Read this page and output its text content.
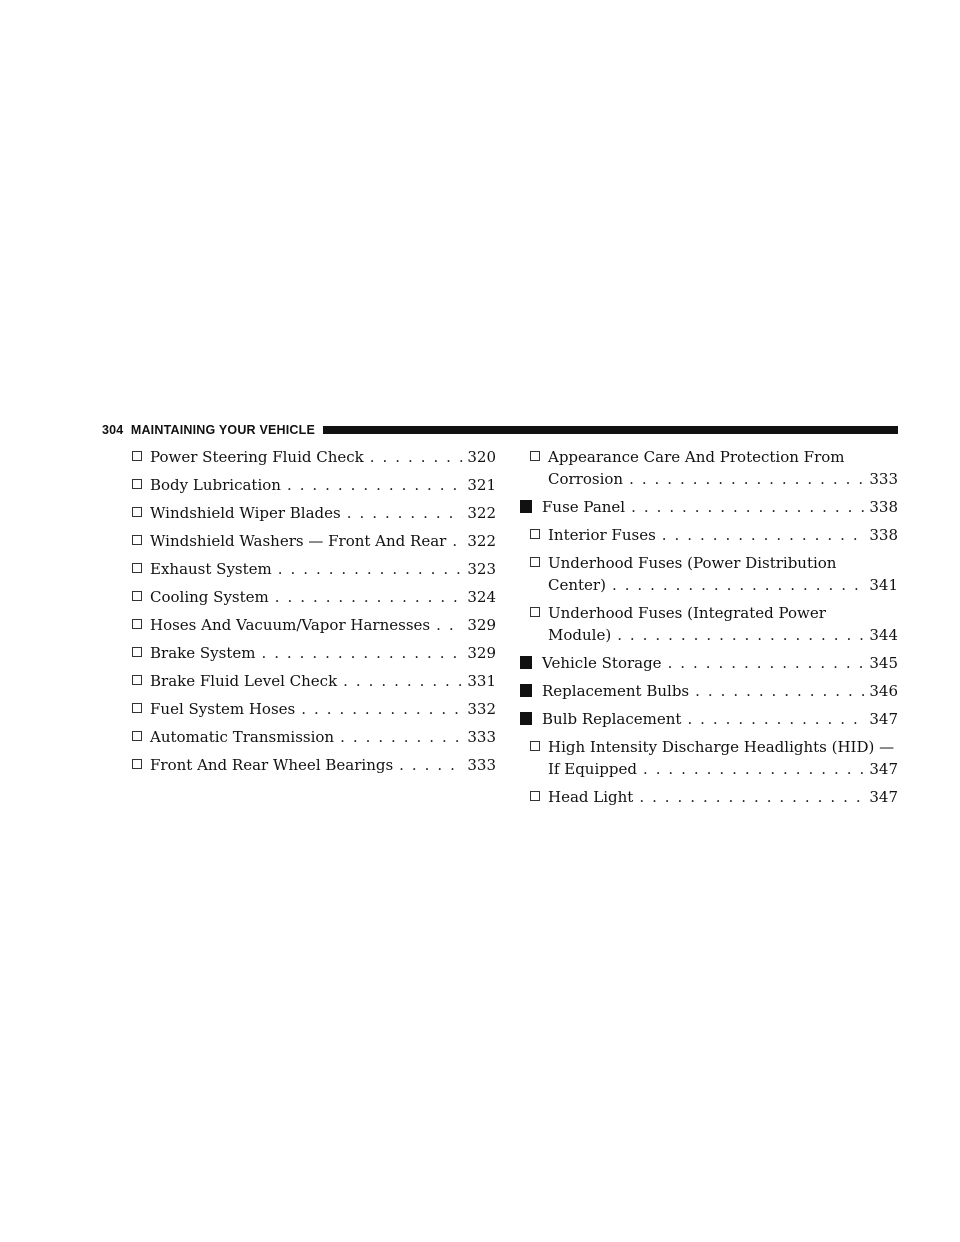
304 MAINTAINING YOUR VEHICLE
Power Steering Fluid Check . . .	320
Body Lubrication . . .	321
Windshield Wiper Blades . . .	322
Windshield Washers — Front And Rear . . . 322
Exhaust System . . .	323
Cooling System . . .	324
Hoses And Vacuum/Vapor Harnesses . . . 329
Brake System . . .	329
Brake Fluid Level Check . . .	331
Fuel System Hoses . . .	332
Automatic Transmission . . .	333
Front And Rear Wheel Bearings . . .	333
Appearance Care And Protection From
Corrosion . . .	333
Fuse Panel . . .	338
Interior Fuses . . .	338
Underhood Fuses (Power Distribution
Center) . . .	341
Underhood Fuses (Integrated Power
Module) . . .	344
Vehicle Storage . . .	345
Replacement Bulbs . . .	346
Bulb Replacement . . .	347
High Intensity Discharge Headlights (HID) —
If Equipped . . .	347
Head Light . . .	347
